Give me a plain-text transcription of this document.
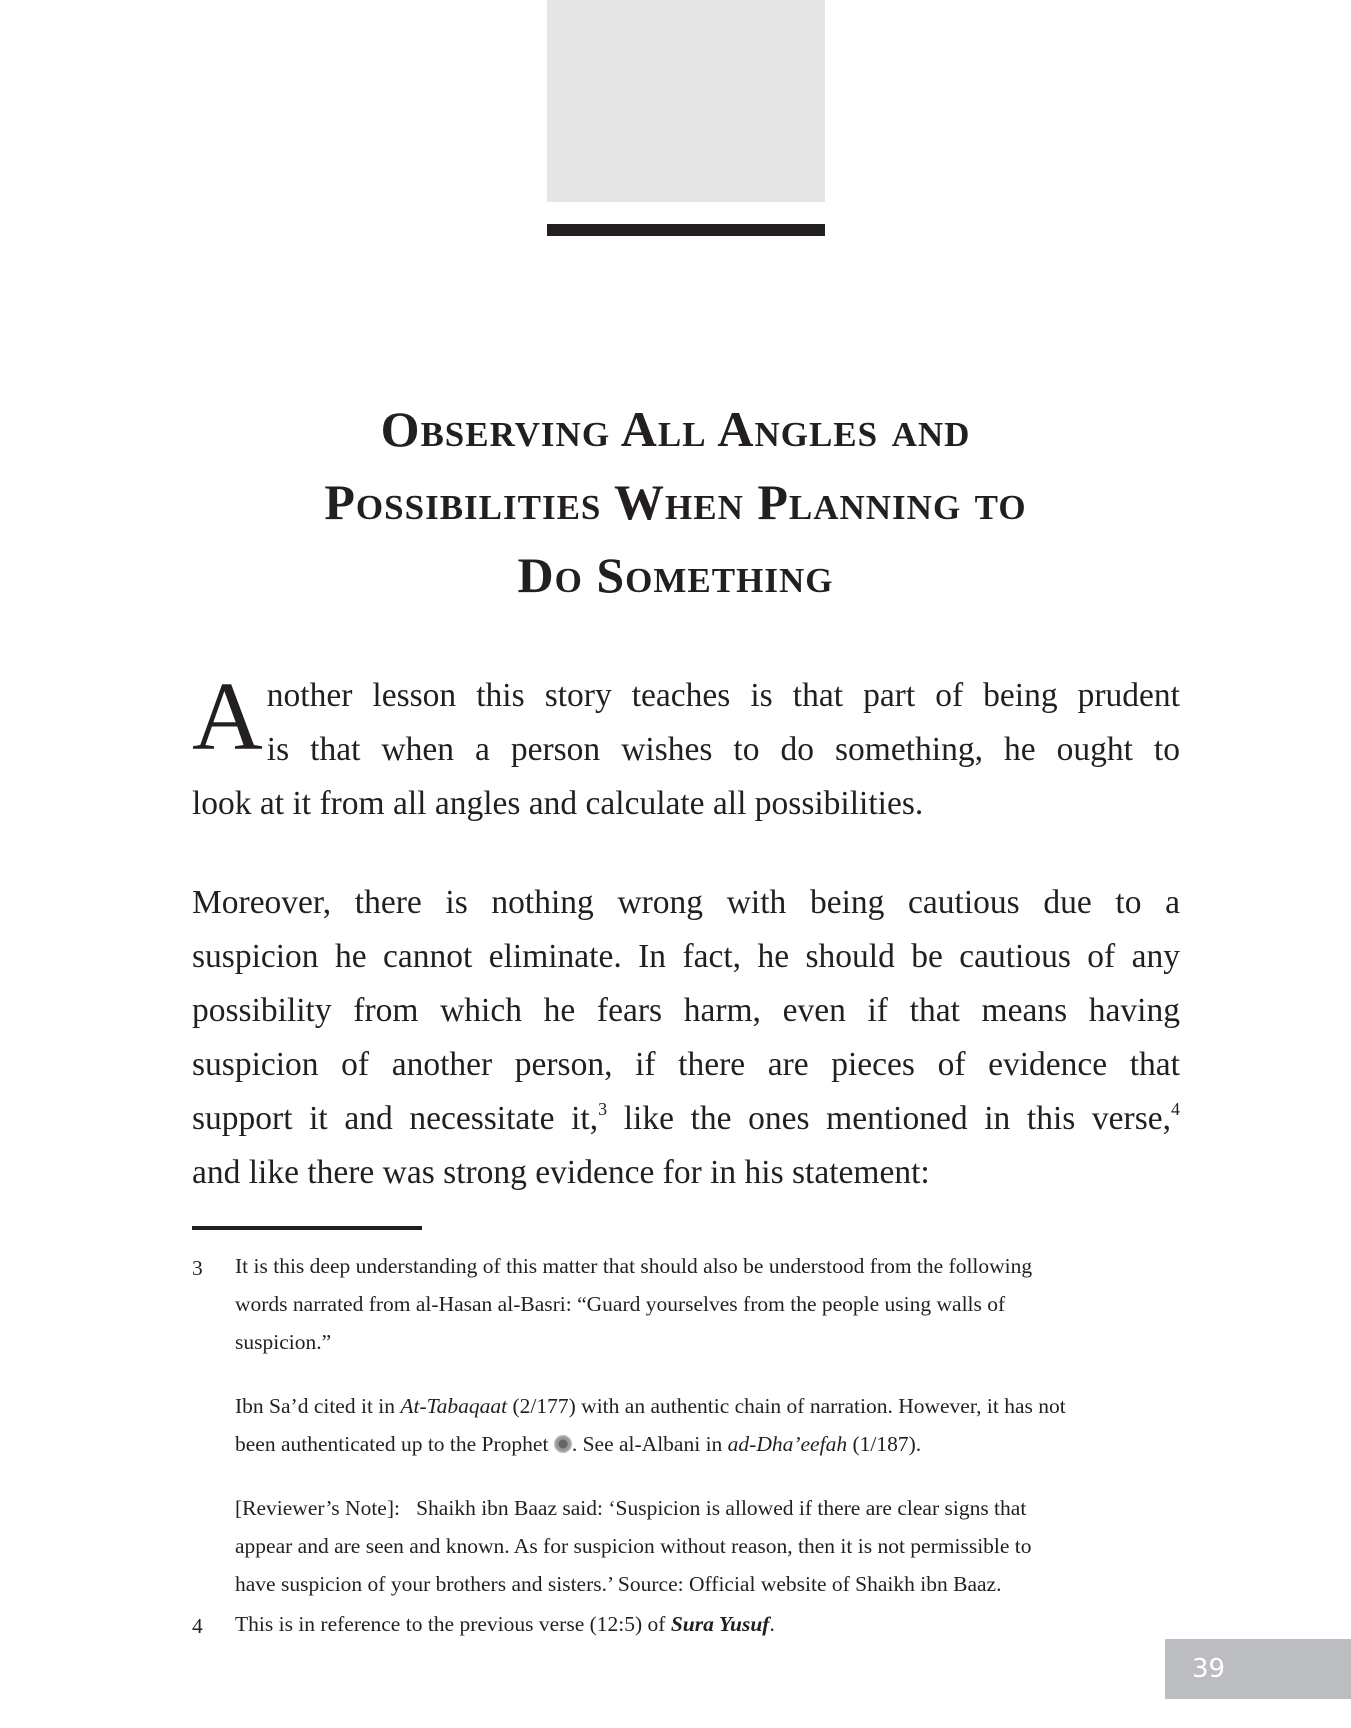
Observing All Angles and
Possibilities When Planning to
Do Something
A nother lesson this story teaches is that part of being prudent
is that when a person wishes to do something, he ought to
look at it from all angles and calculate all possibilities.
Moreover, there is nothing wrong with being cautious due to a
suspicion he cannot eliminate. In fact, he should be cautious of any
possibility from which he fears harm, even if that means having
suspicion of another person, if there are pieces of evidence that
support it and necessitate it,$^3$ like the ones mentioned in this verse,$^4$
and like there was strong evidence for in his statement:
3 It is this deep understanding of this matter that should also be understood from the following
words narrated from al-Hasan al-Basri: “Guard yourselves from the people using walls of
suspicion.”

Ibn Sa’d cited it in At-Tabaqaat (2/177) with an authentic chain of narration. However, it has not
been authenticated up to the Prophet . See al-Albani in ad-Dha’eefah (1/187).

[Reviewer’s Note]:   Shaikh ibn Baaz said: ‘Suspicion is allowed if there are clear signs that
appear and are seen and known. As for suspicion without reason, then it is not permissible to
have suspicion of your brothers and sisters.’ Source: Official website of Shaikh ibn Baaz.

4 This is in reference to the previous verse (12:5) of Sura Yusuf.

39
